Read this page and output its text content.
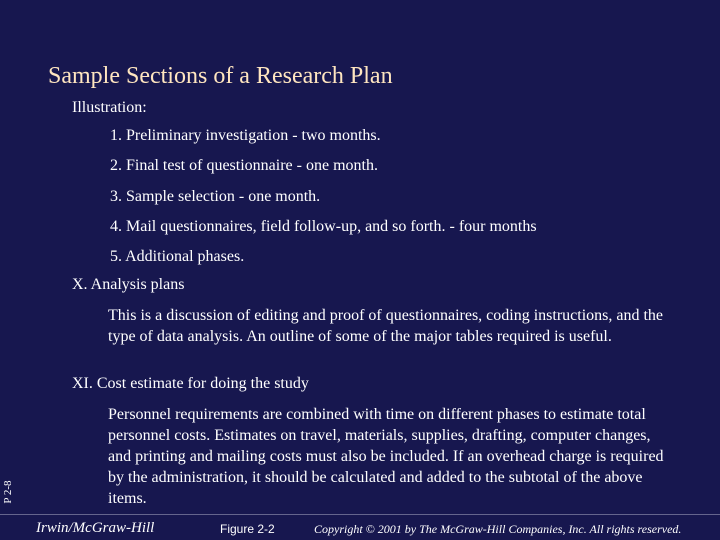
Sample Sections of a Research Plan
Illustration:
1. Preliminary investigation - two months.
2. Final test of questionnaire - one month.
3. Sample selection - one month.
4. Mail questionnaires, field follow-up, and so forth. - four months
5. Additional phases.
X. Analysis plans
This is a discussion of editing and proof of questionnaires, coding instructions, and the type of data analysis. An outline of some of the major tables required is useful.
XI. Cost estimate for doing the study
Personnel requirements are combined with time on different phases to estimate total personnel costs. Estimates on travel, materials, supplies, drafting, computer changes, and printing and mailing costs must also be included. If an overhead charge is required by the administration, it should be calculated and added to the subtotal of the above items.
P 2-8
Irwin/McGraw-Hill	Figure 2-2	Copyright © 2001 by The McGraw-Hill Companies, Inc. All rights reserved.
